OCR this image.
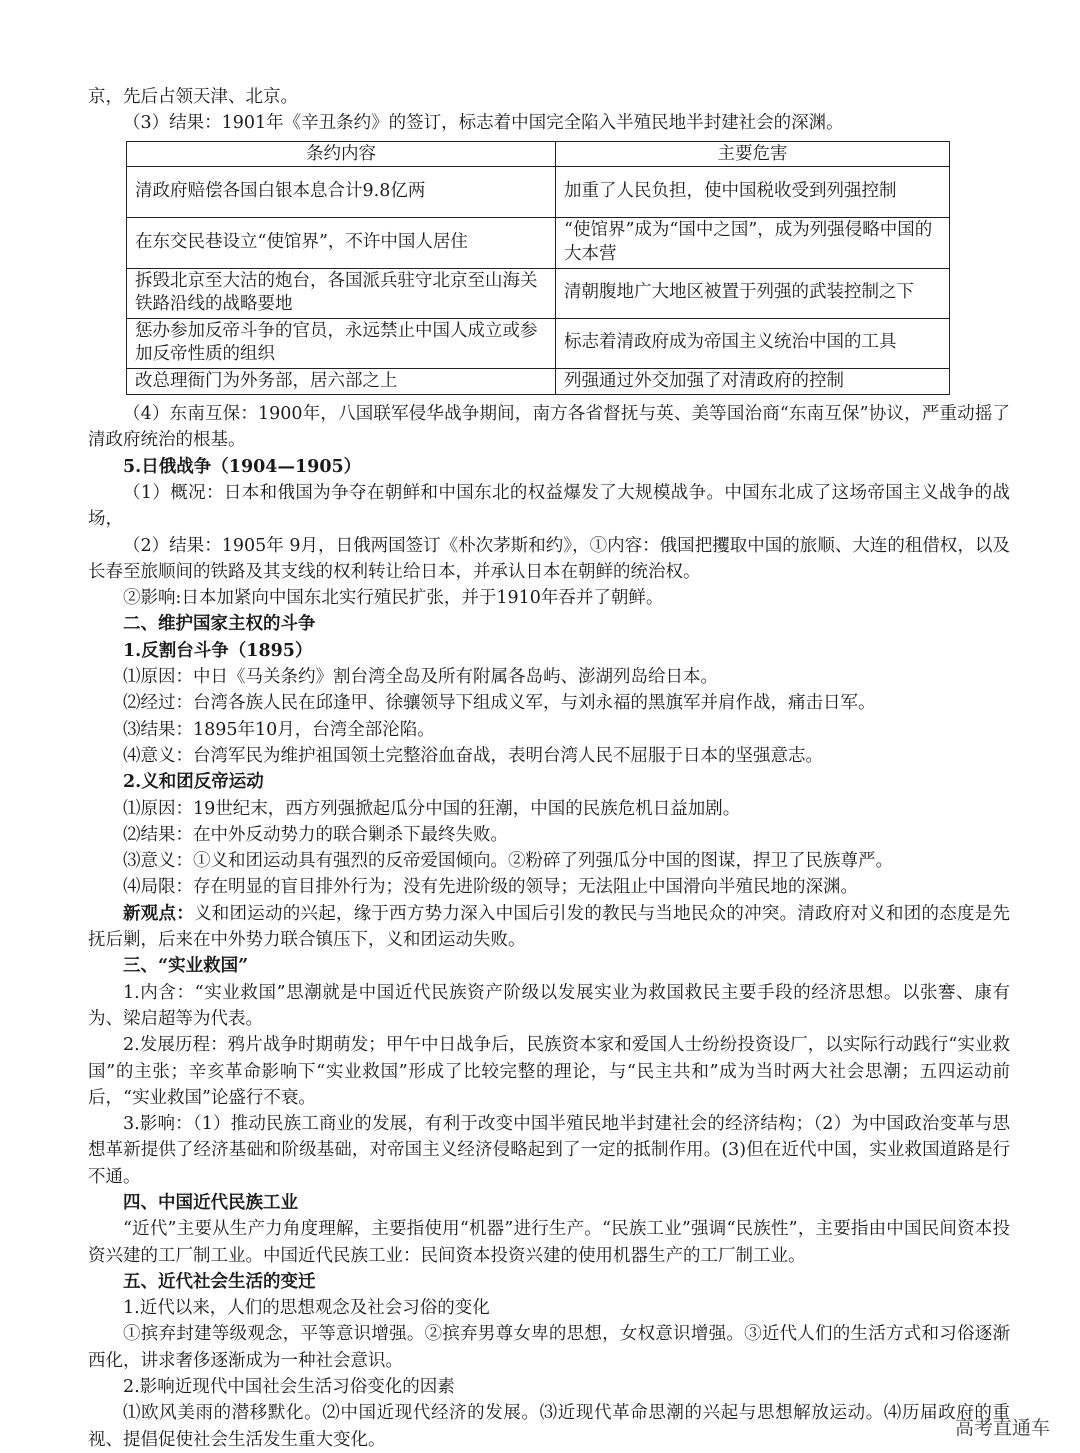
京，先后占领天津、北京。

（3）结果：1901年《辛丑条约》的签订，标志着中国完全陷入半殖民地半封建社会的深渊。

条约内容	主要危害
清政府赔偿各国白银本息合计9.8亿两	加重了人民负担，使中国税收受到列强控制
在东交民巷设立“使馆界”，不许中国人居住	“使馆界”成为“国中之国”，成为列强侵略中国的大本营
拆毁北京至大沽的炮台，各国派兵驻守北京至山海关铁路沿线的战略要地	清朝腹地广大地区被置于列强的武装控制之下
惩办参加反帝斗争的官员，永远禁止中国人成立或参加反帝性质的组织	标志着清政府成为帝国主义统治中国的工具
改总理衙门为外务部，居六部之上	列强通过外交加强了对清政府的控制

（4）东南互保：1900年，八国联军侵华战争期间，南方各省督抚与英、美等国治商“东南互保”协议，严重动摇了清政府统治的根基。

5.日俄战争（1904—1905）

（1）概况：日本和俄国为争夺在朝鲜和中国东北的权益爆发了大规模战争。中国东北成了这场帝国主义战争的战场，

（2）结果：1905年 9月，日俄两国签订《朴次茅斯和约》，①内容：俄国把攫取中国的旅顺、大连的租借权，以及长春至旅顺间的铁路及其支线的权利转让给日本，并承认日本在朝鲜的统治权。

②影响:日本加紧向中国东北实行殖民扩张，并于1910年吞并了朝鲜。

二、维护国家主权的斗争

1.反割台斗争（1895）

⑴原因：中日《马关条约》割台湾全岛及所有附属各岛屿、澎湖列岛给日本。

⑵经过：台湾各族人民在邱逢甲、徐骧领导下组成义军，与刘永福的黑旗军并肩作战，痛击日军。

⑶结果：1895年10月，台湾全部沦陷。

⑷意义：台湾军民为维护祖国领土完整浴血奋战，表明台湾人民不屈服于日本的坚强意志。

2.义和团反帝运动

⑴原因：19世纪末，西方列强掀起瓜分中国的狂潮，中国的民族危机日益加剧。

⑵结果：在中外反动势力的联合剿杀下最终失败。

⑶意义：①义和团运动具有强烈的反帝爱国倾向。②粉碎了列强瓜分中国的图谋，捍卫了民族尊严。

⑷局限：存在明显的盲目排外行为；没有先进阶级的领导；无法阻止中国滑向半殖民地的深渊。

新观点：义和团运动的兴起，缘于西方势力深入中国后引发的教民与当地民众的冲突。清政府对义和团的态度是先抚后剿，后来在中外势力联合镇压下，义和团运动失败。

三、“实业救国”

1.内含：“实业救国”思潮就是中国近代民族资产阶级以发展实业为救国救民主要手段的经济思想。以张謇、康有为、梁启超等为代表。

2.发展历程：鸦片战争时期萌发；甲午中日战争后，民族资本家和爱国人士纷纷投资设厂，以实际行动践行“实业救国”的主张；辛亥革命影响下“实业救国”形成了比较完整的理论，与“民主共和”成为当时两大社会思潮；五四运动前后，“实业救国”论盛行不衰。

3.影响：（1）推动民族工商业的发展，有利于改变中国半殖民地半封建社会的经济结构；（2）为中国政治变革与思想革新提供了经济基础和阶级基础，对帝国主义经济侵略起到了一定的抵制作用。(3)但在近代中国，实业救国道路是行不通。

四、中国近代民族工业

“近代”主要从生产力角度理解，主要指使用“机器”进行生产。“民族工业”强调“民族性”，主要指由中国民间资本投资兴建的工厂制工业。中国近代民族工业：民间资本投资兴建的使用机器生产的工厂制工业。

五、近代社会生活的变迁

1.近代以来，人们的思想观念及社会习俗的变化

①摈弃封建等级观念，平等意识增强。②摈弃男尊女卑的思想，女权意识增强。③近代人们的生活方式和习俗逐渐西化，讲求奢侈逐渐成为一种社会意识。

2.影响近现代中国社会生活习俗变化的因素

⑴欧风美雨的潜移默化。⑵中国近现代经济的发展。⑶近现代革命思潮的兴起与思想解放运动。⑷历届政府的重视、提倡促使社会生活发生重大变化。

高考直通车
